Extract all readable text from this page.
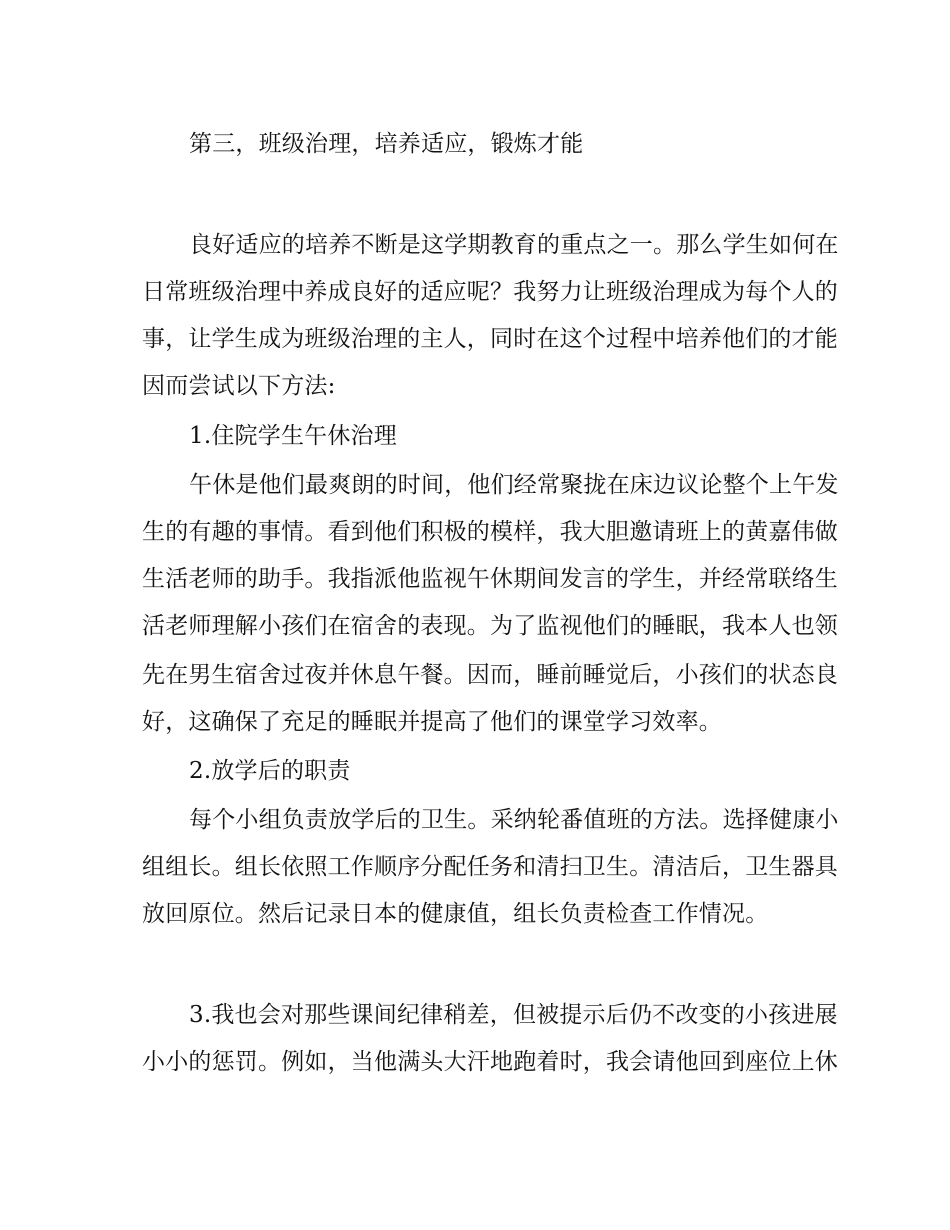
第三，班级治理，培养适应，锻炼才能
良好适应的培养不断是这学期教育的重点之一。那么学生如何在
日常班级治理中养成良好的适应呢？我努力让班级治理成为每个人的
事，让学生成为班级治理的主人，同时在这个过程中培养他们的才能
因而尝试以下方法:
1.住院学生午休治理
午休是他们最爽朗的时间，他们经常聚拢在床边议论整个上午发
生的有趣的事情。看到他们积极的模样，我大胆邀请班上的黄嘉伟做
生活老师的助手。我指派他监视午休期间发言的学生，并经常联络生
活老师理解小孩们在宿舍的表现。为了监视他们的睡眠，我本人也领
先在男生宿舍过夜并休息午餐。因而，睡前睡觉后，小孩们的状态良
好，这确保了充足的睡眠并提高了他们的课堂学习效率。
2.放学后的职责
每个小组负责放学后的卫生。采纳轮番值班的方法。选择健康小
组组长。组长依照工作顺序分配任务和清扫卫生。清洁后，卫生器具
放回原位。然后记录日本的健康值，组长负责检查工作情况。
3.我也会对那些课间纪律稍差，但被提示后仍不改变的小孩进展
小小的惩罚。例如，当他满头大汗地跑着时，我会请他回到座位上休
